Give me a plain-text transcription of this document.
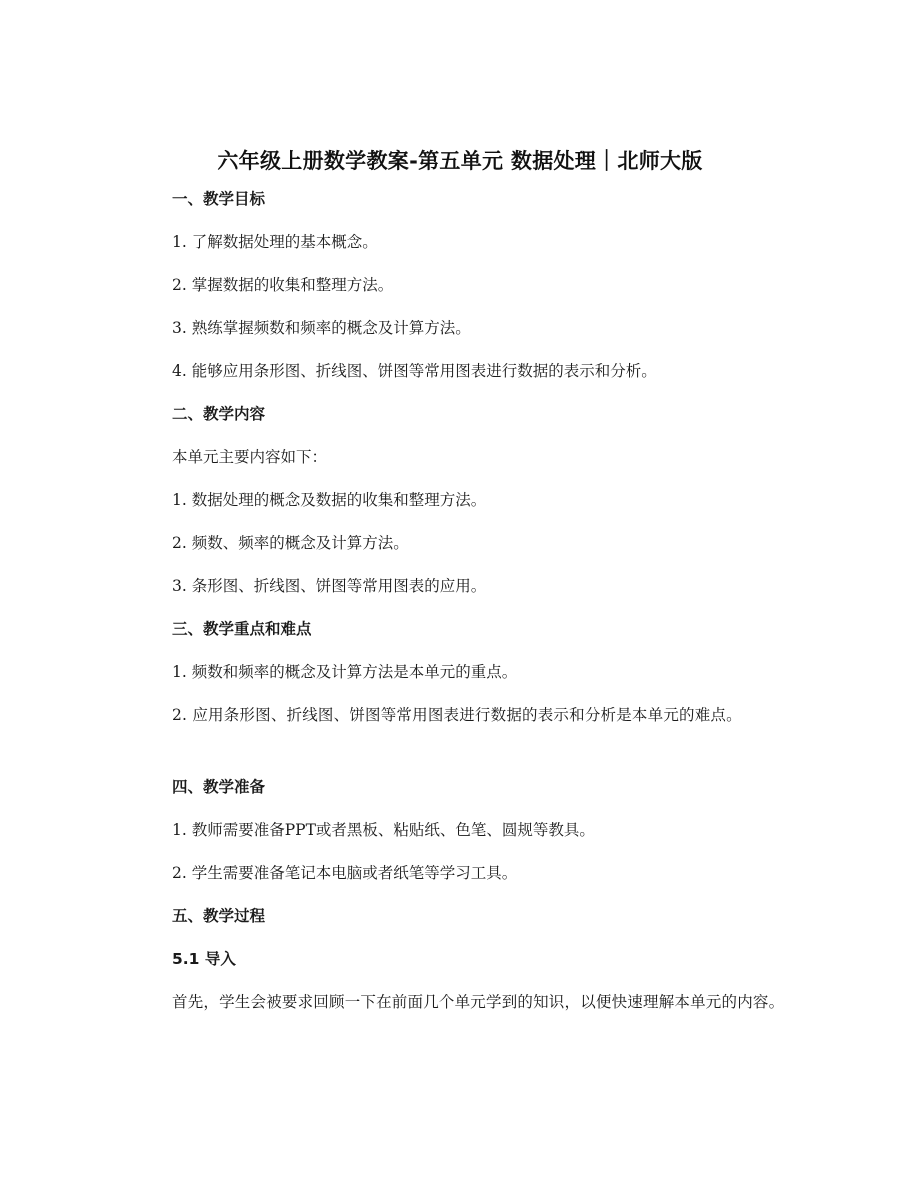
六年级上册数学教案-第五单元 数据处理｜北师大版
一、教学目标
1. 了解数据处理的基本概念。
2. 掌握数据的收集和整理方法。
3. 熟练掌握频数和频率的概念及计算方法。
4. 能够应用条形图、折线图、饼图等常用图表进行数据的表示和分析。
二、教学内容
本单元主要内容如下：
1. 数据处理的概念及数据的收集和整理方法。
2. 频数、频率的概念及计算方法。
3. 条形图、折线图、饼图等常用图表的应用。
三、教学重点和难点
1. 频数和频率的概念及计算方法是本单元的重点。
2. 应用条形图、折线图、饼图等常用图表进行数据的表示和分析是本单元的难点。
四、教学准备
1. 教师需要准备PPT或者黑板、粘贴纸、色笔、圆规等教具。
2. 学生需要准备笔记本电脑或者纸笔等学习工具。
五、教学过程
5.1 导入
首先，学生会被要求回顾一下在前面几个单元学到的知识，以便快速理解本单元的内容。
